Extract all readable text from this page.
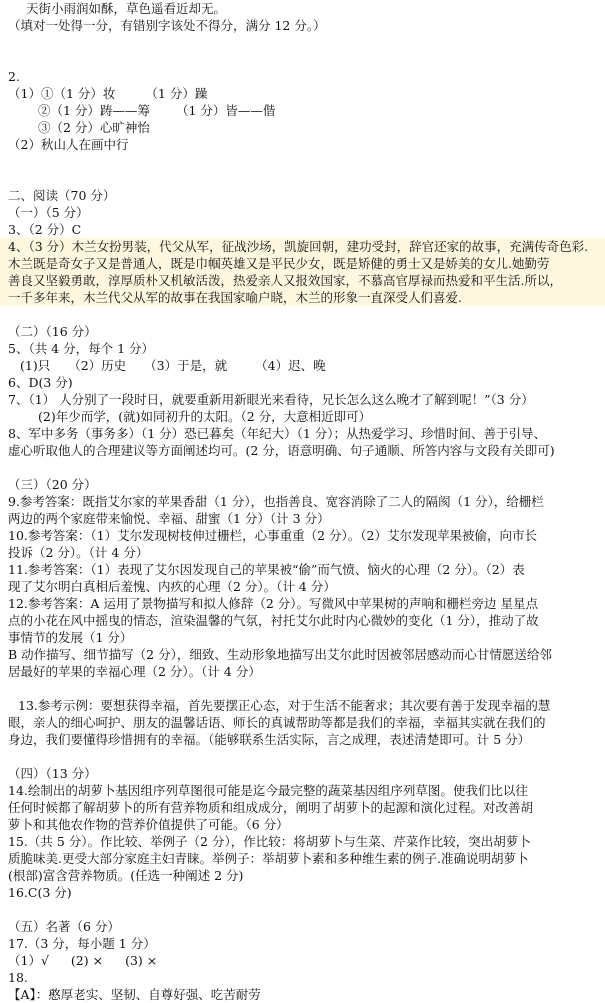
天街小雨润如酥，草色遥看近却无。
（填对一处得一分，有错别字该处不得分，满分 12 分。）
2.
（1）①（1 分）妆 （1 分）躁
②（1 分）踌——筹 （1 分）皆——偕
③（2 分）心旷神怡
（2）秋山人在画中行
二、阅读（70 分）
（一）（5 分）
3、（2 分）C
4、（3 分）木兰女扮男装，代父从军，征战沙场，凯旋回朝，建功受封，辞官还家的故事，充满传奇色彩.
木兰既是奇女子又是普通人，既是巾帼英雄又是平民少女，既是矫健的勇士又是娇美的女儿.她勤劳
善良又坚毅勇敢，淳厚质朴又机敏活泼，热爱亲人又报效国家，不慕高官厚禄而热爱和平生活.所以，
一千多年来，木兰代父从军的故事在我国家喻户晓，木兰的形象一直深受人们喜爱.
（二）（16 分）
5、（共 4 分，每个 1 分）
(1)只 （2）历史 （3）于是，就 （4）迟、晚
6、D(3 分)
7、（1） 人分别了一段时日，就要重新用新眼光来看待，兄长怎么这么晚才了解到呢！”（3 分）
(2)年少而学，(就)如同初升的太阳。（2 分，大意相近即可）
8、军中多务（事务多）（1 分）恐已暮矣（年纪大）（1 分）；从热爱学习、珍惜时间、善于引导、
虚心听取他人的合理建议等方面阐述均可。(2 分，语意明确、句子通顺、所答内容与文段有关即可)
（三）（20 分）
9.参考答案：既指艾尔家的苹果香甜（1 分），也指善良、宽容消除了二人的隔阂（1 分），给栅栏
两边的两个家庭带来愉悦、幸福、甜蜜（1 分）（计 3 分）
10.参考答案：（1）艾尔发现树枝伸过栅栏，心事重重（2 分）。（2）艾尔发现苹果被偷，向市长
投诉（2 分）。（计 4 分）
11.参考答案：（1）表现了艾尔因发现自己的苹果被“偷”而气愤、恼火的心理（2 分）。（2）表
现了艾尔明白真相后羞愧、内疚的心理（2 分）。（计 4 分）
12.参考答案：A 运用了景物描写和拟人修辞（2 分）。写微风中苹果树的声响和栅栏旁边 星星点
点的小花在风中摇曳的情态，渲染温馨的气氛，衬托艾尔此时内心微妙的变化（1 分），推动了故
事情节的发展（1 分）
B 动作描写、细节描写（2 分），细致、生动形象地描写出艾尔此时因被邻居感动而心甘情愿送给邻
居最好的苹果的幸福心理（2 分）。（计 4 分）
13.参考示例：要想获得幸福，首先要摆正心态，对于生活不能奢求；其次要有善于发现幸福的慧
眼，亲人的细心呵护、朋友的温馨话语、师长的真诚帮助等都是我们的幸福，幸福其实就在我们的
身边，我们要懂得珍惜拥有的幸福。（能够联系生活实际，言之成理，表述清楚即可。计 5 分）
（四）（13 分）
14.绘制出的胡萝卜基因组序列草图很可能是迄今最完整的蔬菜基因组序列草图。使我们比以往
任何时候都了解胡萝卜的所有营养物质和组成成分，阐明了胡萝卜的起源和演化过程。对改善胡
萝卜和其他农作物的营养价值提供了可能。（6 分）
15.（共 5 分）。作比较、举例子（2 分），作比较：将胡萝卜与生菜、芹菜作比较，突出胡萝卜
质脆味美.更受大部分家庭主妇青睐。举例子：举胡萝卜素和多种维生素的例子.准确说明胡萝卜
(根部)富含营养物质。(任选一种阐述 2 分)
16.C(3 分)
（五）名著（6 分）
17.（3 分，每小题 1 分）
（1）√ (2) × (3) ×
18.
【A】：憨厚老实、坚韧、自尊好强、吃苦耐劳
